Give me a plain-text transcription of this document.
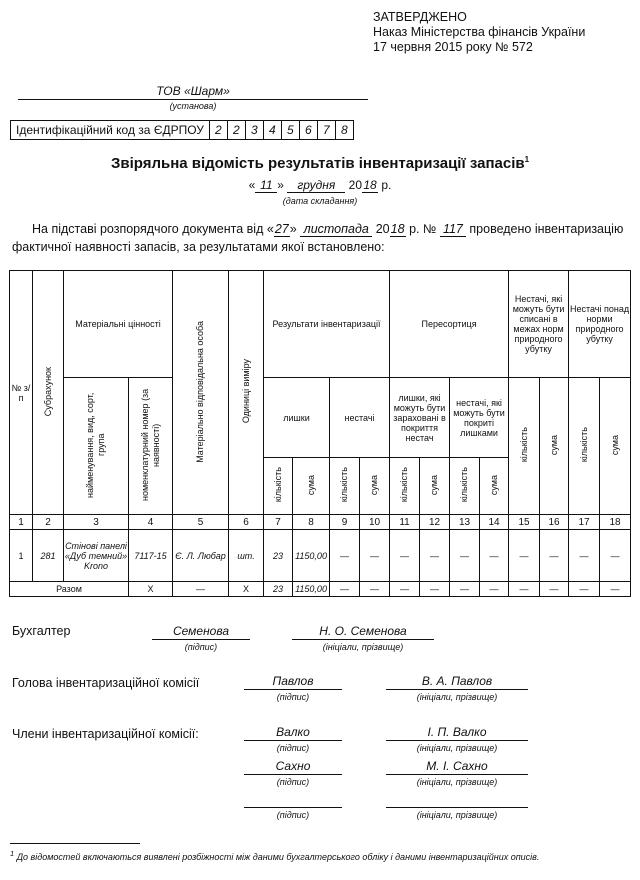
ЗАТВЕРДЖЕНО
Наказ Міністерства фінансів України
17 червня 2015 року № 572
ТОВ «Шарм»
(установа)
Ідентифікаційний код за ЄДРПОУ 2 2 3 4 5 6 7 8
Звіряльна відомість результатів інвентаризації запасів$^1$
« 11 » грудня 2018 р.
(дата складання)
На підставі розпорядчого документа від «27» листопада 2018 р. № 117 проведено інвентаризацію фактичної наявності запасів, за результатами якої встановлено:
№ з/п	Субрахунок	Матеріальні цінності		Матеріально відповідальна особа	Одиниці виміру	Результати інвентаризації				Пересортиця				Нестачі, які можуть бути списані в межах норм природного убутку		Нестачі понад норми природного убутку	
		найменування, вид, сорт, група	номенклатурний номер (за наявності)			лишки		нестачі		лишки, які можуть бути зараховані в покриття нестач		нестачі, які можуть бути покриті лишками		кількість	сума	кількість	сума
						кількість	сума	кількість	сума	кількість	сума	кількість	сума				
1	2	3	4	5	6	7	8	9	10	11	12	13	14	15	16	17	18
1	281	Стінові панелі «Дуб темний» Krono	7117-15	Є. Л. Любар	шт.	23	1150,00	—	—	—	—	—	—	—	—	—	—
Разом			Х	—	Х	23	1150,00	—	—	—	—	—	—	—	—	—	—
Бухгалтер	Семенова
(підпис)
Н. О. Семенова
(ініціали, прізвище)
Голова інвентаризаційної комісії	Павлов
(підпис)
В. А. Павлов
(ініціали, прізвище)
Члени інвентаризаційної комісії:	Валко
(підпис)
І. П. Валко
(ініціали, прізвище)
Сахно
(підпис)
М. І. Сахно
(ініціали, прізвище)
(підпис)	(ініціали, прізвище)
$^1$ До відомостей включаються виявлені розбіжності між даними бухгалтерського обліку і даними інвентаризаційних описів.
